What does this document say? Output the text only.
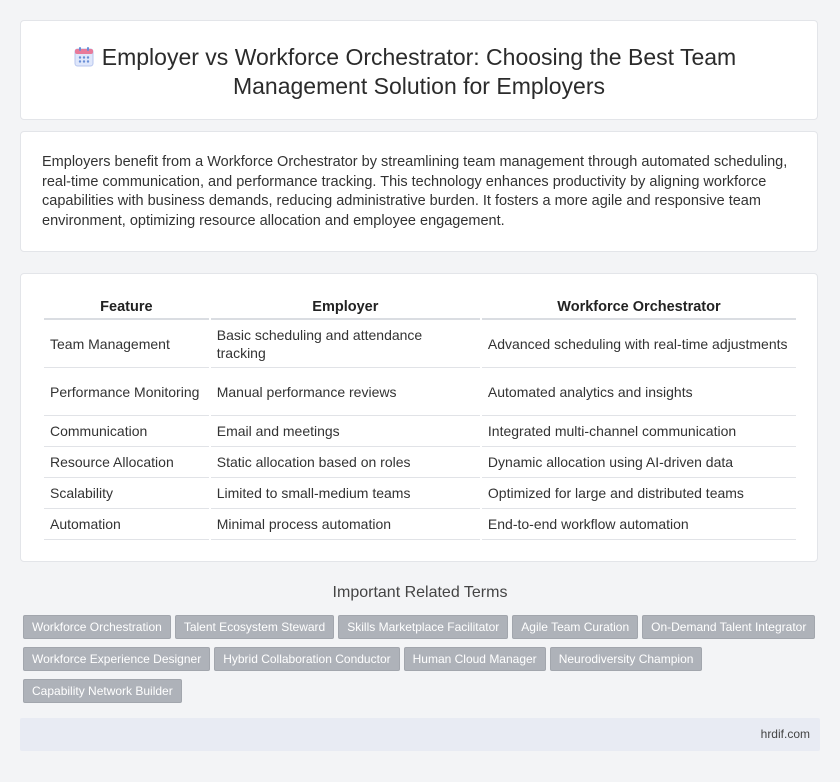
Employer vs Workforce Orchestrator: Choosing the Best Team Management Solution for Employers

Employers benefit from a Workforce Orchestrator by streamlining team management through automated scheduling, real-time communication, and performance tracking. This technology enhances productivity by aligning workforce capabilities with business demands, reducing administrative burden. It fosters a more agile and responsive team environment, optimizing resource allocation and employee engagement.

Feature	Employer	Workforce Orchestrator
Team Management	Basic scheduling and attendance tracking	Advanced scheduling with real-time adjustments
Performance Monitoring	Manual performance reviews	Automated analytics and insights
Communication	Email and meetings	Integrated multi-channel communication
Resource Allocation	Static allocation based on roles	Dynamic allocation using AI-driven data
Scalability	Limited to small-medium teams	Optimized for large and distributed teams
Automation	Minimal process automation	End-to-end workflow automation
Important Related Terms
Workforce Orchestration Talent Ecosystem Steward Skills Marketplace Facilitator Agile Team Curation On-Demand Talent Integrator
Workforce Experience Designer Hybrid Collaboration Conductor Human Cloud Manager Neurodiversity Champion
Capability Network Builder
hrdif.com
